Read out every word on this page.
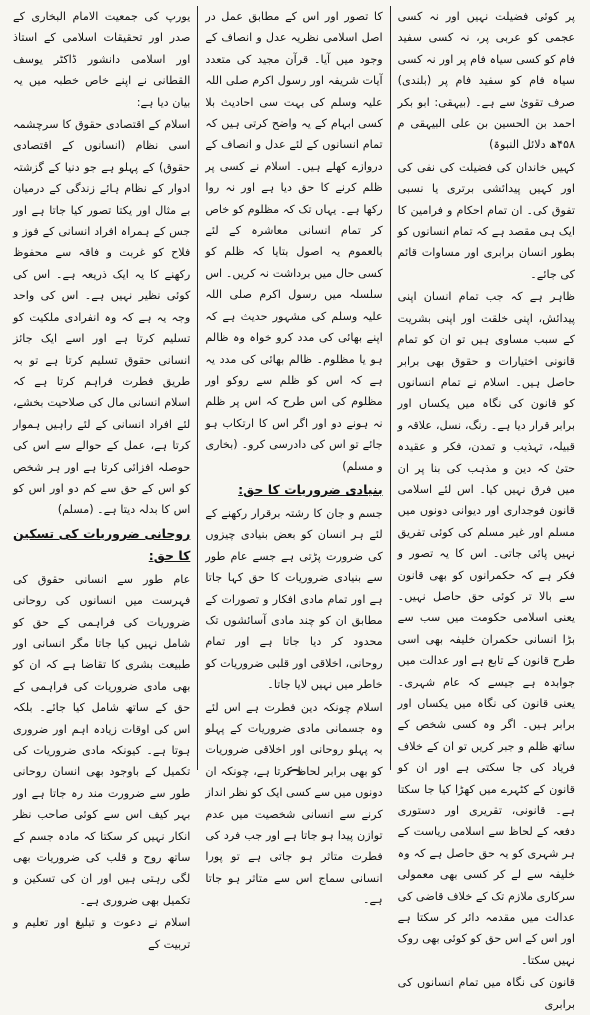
پر کوئی فضیلت نہیں اور نہ کسی عجمی کو عربی پر، نہ کسی سفید فام کو کسی سیاہ فام پر اور نہ کسی سیاہ فام کو سفید فام پر (بلندی) صرف تقویٰ سے ہے۔ (بیہقی: ابو بکر احمد بن الحسین بن علی البیہقی م ۴۵۸ھ دلائل النبوۃ)

کہیں خاندان کی فضیلت کی نفی کی اور کہیں پیدائشی برتری یا نسبی تفوق کی۔ ان تمام احکام و فرامین کا ایک ہی مقصد ہے کہ تمام انسانوں کو بطور انسان برابری اور مساوات قائم کی جائے۔

ظاہر ہے کہ جب تمام انسان اپنی پیدائش، اپنی خلقت اور اپنی بشریت کے سبب مساوی ہیں تو ان کو تمام قانونی اختیارات و حقوق بھی برابر حاصل ہیں۔ اسلام نے تمام انسانوں کو قانون کی نگاہ میں یکساں اور برابر قرار دیا ہے۔ رنگ، نسل، علاقہ و قبیلہ، تہذیب و تمدن، فکر و عقیدہ حتیٰ کہ دین و مذہب کی بنا پر ان میں فرق نہیں کیا۔ اس لئے اسلامی قانون فوجداری اور دیوانی دونوں میں مسلم اور غیر مسلم کی کوئی تفریق نہیں پائی جاتی۔ اس کا یہ تصور و فکر ہے کہ حکمرانوں کو بھی قانون سے بالا تر کوئی حق حاصل نہیں۔ یعنی اسلامی حکومت میں سب سے بڑا انسانی حکمران خلیفہ بھی اسی طرح قانون کے تابع ہے اور عدالت میں جوابدہ ہے جیسے کہ عام شہری۔ یعنی قانون کی نگاہ میں یکساں اور برابر ہیں۔ اگر وہ کسی شخص کے ساتھ ظلم و جبر کریں تو ان کے خلاف فریاد کی جا سکتی ہے اور ان کو قانون کے کٹہرے میں کھڑا کیا جا سکتا ہے۔ قانونی، تقریری اور دستوری دفعہ کے لحاظ سے اسلامی ریاست کے ہر شہری کو یہ حق حاصل ہے کہ وہ خلیفہ سے لے کر کسی بھی معمولی سرکاری ملازم تک کے خلاف قاضی کی عدالت میں مقدمہ دائر کر سکتا ہے اور اس کے اس حق کو کوئی بھی روک نہیں سکتا۔

قانون کی نگاہ میں تمام انسانوں کی برابری

کا تصور اور اس کے مطابق عمل در اصل اسلامی نظریہ عدل و انصاف کے وجود میں آیا۔ قرآن مجید کی متعدد آیات شریفہ اور رسول اکرم صلی اللہ علیہ وسلم کی بہت سی احادیث بلا کسی ابہام کے یہ واضح کرتی ہیں کہ تمام انسانوں کے لئے عدل و انصاف کے دروازے کھلے ہیں۔ اسلام نے کسی پر ظلم کرنے کا حق دیا ہے اور نہ روا رکھا ہے۔ یہاں تک کہ مظلوم کو خاص کر تمام انسانی معاشرہ کے لئے بالعموم یہ اصول بتایا کہ ظلم کو کسی حال میں برداشت نہ کریں۔ اس سلسلہ میں رسول اکرم صلی اللہ علیہ وسلم کی مشہور حدیث ہے کہ اپنے بھائی کی مدد کرو خواہ وہ ظالم ہو یا مظلوم۔ ظالم بھائی کی مدد یہ ہے کہ اس کو ظلم سے روکو اور مظلوم کی اس طرح کہ اس پر ظلم نہ ہونے دو اور اگر اس کا ارتکاب ہو جائے تو اس کی دادرسی کرو۔ (بخاری و مسلم)

بنیادی ضروریات کا حق:

جسم و جان کا رشتہ برقرار رکھنے کے لئے ہر انسان کو بعض بنیادی چیزوں کی ضرورت پڑتی ہے جسے عام طور سے بنیادی ضروریات کا حق کہا جاتا ہے اور تمام مادی افکار و تصورات کے مطابق ان کو چند مادی آسائشوں تک محدود کر دیا جاتا ہے اور تمام روحانی، اخلاقی اور قلبی ضروریات کو خاطر میں نہیں لایا جاتا۔

اسلام چونکہ دین فطرت ہے اس لئے وہ جسمانی مادی ضروریات کے پہلو بہ پہلو روحانی اور اخلاقی ضروریات کو بھی برابر لحاظ کرتا ہے، چونکہ ان دونوں میں سے کسی ایک کو نظر انداز کرنے سے انسانی شخصیت میں عدم توازن پیدا ہو جاتا ہے اور جب فرد کی فطرت متاثر ہو جاتی ہے تو پورا انسانی سماج اس سے متاثر ہو جاتا ہے۔

یورپ کی جمعیت الامام البخاری کے صدر اور تحقیقات اسلامی کے استاذ اور اسلامی دانشور ڈاکٹر یوسف القطانی نے اپنے خاص خطبہ میں یہ بیان دیا ہے:

اسلام کے اقتصادی حقوق کا سرچشمہ اسی نظام (انسانوں کے اقتصادی حقوق) کے پہلو ہے جو دنیا کے گزشتہ ادوار کے نظام ہائے زندگی کے درمیان بے مثال اور یکتا تصور کیا جاتا ہے اور جس کے ہمراہ افراد انسانی کے فوز و فلاح کو غربت و فاقہ سے محفوظ رکھنے کا یہ ایک ذریعہ ہے۔ اس کی کوئی نظیر نہیں ہے۔ اس کی واحد وجہ یہ ہے کہ وہ انفرادی ملکیت کو تسلیم کرتا ہے اور اسے ایک جائز انسانی حقوق تسلیم کرتا ہے تو بہ طریق فطرت فراہم کرتا ہے کہ اسلام انسانی مال کی صلاحیت بخشے، لئے افراد انسانی کے لئے راہیں ہموار کرتا ہے، عمل کے حوالے سے اس کی حوصلہ افزائی کرتا ہے اور ہر شخص کو اس کے حق سے کم دو اور اس کو اس کا بدلہ دیتا ہے۔ (مسلم)

روحانی ضروریات کی تسکین کا حق:

عام طور سے انسانی حقوق کی فہرست میں انسانوں کی روحانی ضروریات کی فراہمی کے حق کو شامل نہیں کیا جاتا مگر انسانی اور طبیعت بشری کا تقاضا ہے کہ ان کو بھی مادی ضروریات کی فراہمی کے حق کے ساتھ شامل کیا جائے۔ بلکہ اس کی اوقات زیادہ اہم اور ضروری ہوتا ہے۔ کیونکہ مادی ضروریات کی تکمیل کے باوجود بھی انسان روحانی طور سے ضرورت مند رہ جاتا ہے اور بہر کیف اس سے کوئی صاحب نظر انکار نہیں کر سکتا کہ مادہ جسم کے ساتھ روح و قلب کی ضروریات بھی لگی رہتی ہیں اور ان کی تسکین و تکمیل بھی ضروری ہے۔

اسلام نے دعوت و تبلیغ اور تعلیم و تربیت کے
